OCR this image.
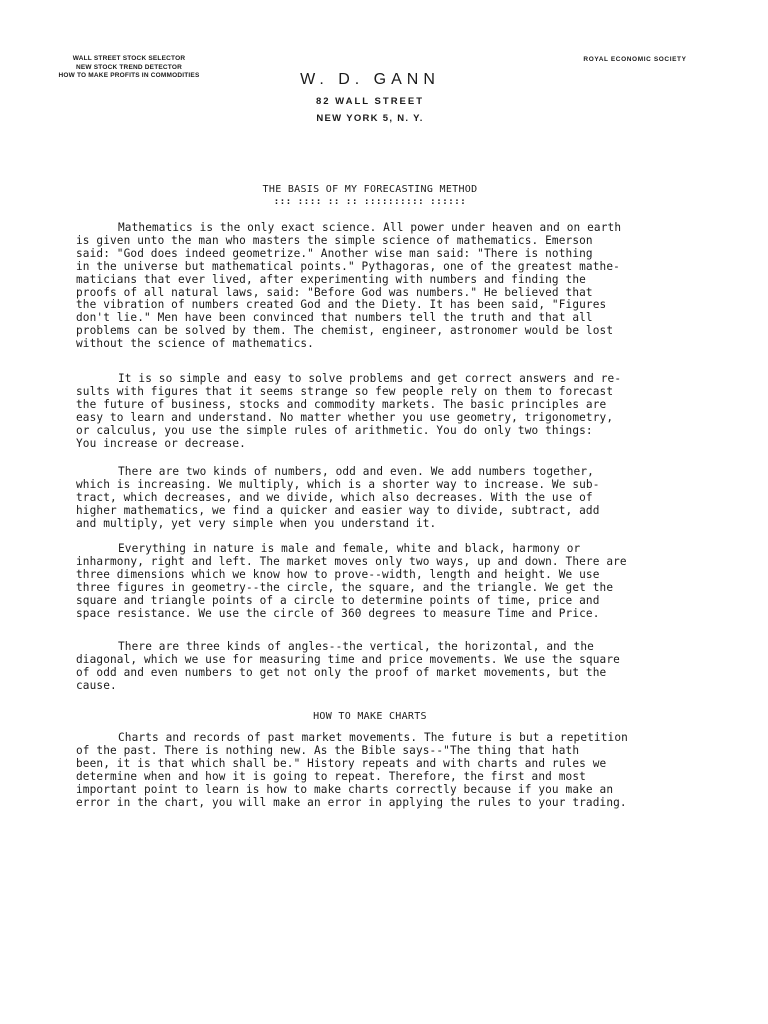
WALL STREET STOCK SELECTOR
NEW STOCK TREND DETECTOR
HOW TO MAKE PROFITS IN COMMODITIES
ROYAL ECONOMIC SOCIETY
W. D. GANN
82 WALL STREET
NEW YORK 5, N. Y.
THE BASIS OF MY FORECASTING METHOD
::: :::: :: :: :::::::::: ::::::
Mathematics is the only exact science. All power under heaven and on earth
is given unto the man who masters the simple science of mathematics. Emerson
said: "God does indeed geometrize." Another wise man said: "There is nothing
in the universe but mathematical points." Pythagoras, one of the greatest mathe-
maticians that ever lived, after experimenting with numbers and finding the
proofs of all natural laws, said: "Before God was numbers." He believed that
the vibration of numbers created God and the Diety. It has been said, "Figures
don't lie." Men have been convinced that numbers tell the truth and that all
problems can be solved by them. The chemist, engineer, astronomer would be lost
without the science of mathematics.
It is so simple and easy to solve problems and get correct answers and re-
sults with figures that it seems strange so few people rely on them to forecast
the future of business, stocks and commodity markets. The basic principles are
easy to learn and understand. No matter whether you use geometry, trigonometry,
or calculus, you use the simple rules of arithmetic. You do only two things:
You increase or decrease.
There are two kinds of numbers, odd and even. We add numbers together,
which is increasing. We multiply, which is a shorter way to increase. We sub-
tract, which decreases, and we divide, which also decreases. With the use of
higher mathematics, we find a quicker and easier way to divide, subtract, add
and multiply, yet very simple when you understand it.
Everything in nature is male and female, white and black, harmony or
inharmony, right and left. The market moves only two ways, up and down. There are
three dimensions which we know how to prove--width, length and height. We use
three figures in geometry--the circle, the square, and the triangle. We get the
square and triangle points of a circle to determine points of time, price and
space resistance. We use the circle of 360 degrees to measure Time and Price.
There are three kinds of angles--the vertical, the horizontal, and the
diagonal, which we use for measuring time and price movements. We use the square
of odd and even numbers to get not only the proof of market movements, but the
cause.
HOW TO MAKE CHARTS
Charts and records of past market movements. The future is but a repetition
of the past. There is nothing new. As the Bible says--"The thing that hath
been, it is that which shall be." History repeats and with charts and rules we
determine when and how it is going to repeat. Therefore, the first and most
important point to learn is how to make charts correctly because if you make an
error in the chart, you will make an error in applying the rules to your trading.
